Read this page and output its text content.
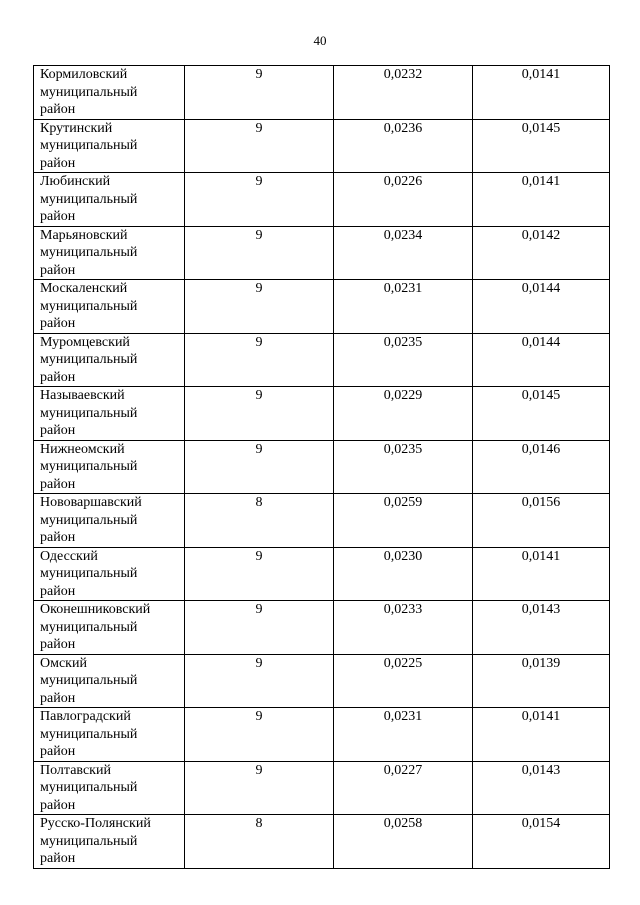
40
Кормиловский
муниципальный
район	9	0,0232	0,0141

Крутинский
муниципальный
район	9	0,0236	0,0145

Любинский
муниципальный
район	9	0,0226	0,0141

Марьяновский
муниципальный
район	9	0,0234	0,0142

Москаленский
муниципальный
район	9	0,0231	0,0144

Муромцевский
муниципальный
район	9	0,0235	0,0144

Называевский
муниципальный
район	9	0,0229	0,0145

Нижнеомский
муниципальный
район	9	0,0235	0,0146

Нововаршавский
муниципальный
район	8	0,0259	0,0156

Одесский
муниципальный
район	9	0,0230	0,0141

Оконешниковский
муниципальный
район	9	0,0233	0,0143

Омский
муниципальный
район	9	0,0225	0,0139

Павлоградский
муниципальный
район	9	0,0231	0,0141

Полтавский
муниципальный
район	9	0,0227	0,0143

Русско-Полянский
муниципальный
район	8	0,0258	0,0154
